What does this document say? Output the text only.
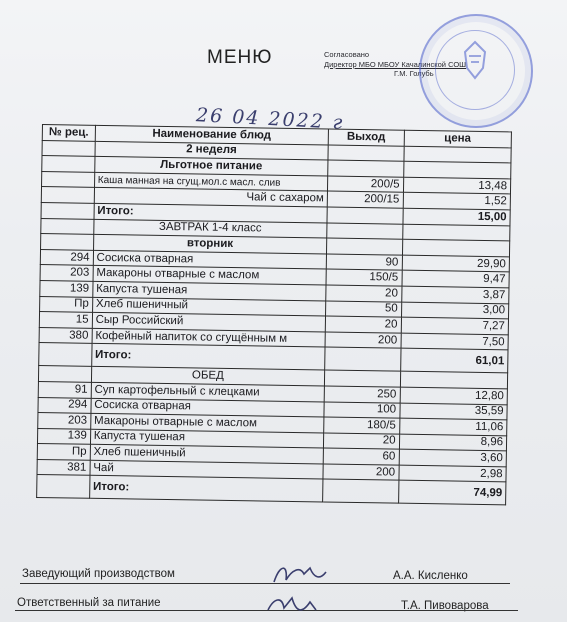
МЕНЮ	Согласовано
Директор МБО МБОУ Качалинской СОШ
Г.М. Голубь
26 04 2022 г
№ рец.	Наименование блюд	Выход	цена
	2 неделя		
	Льготное питание		
	Каша манная на сгущ.мол.с масл. слив	200/5	13,48
	Чай с сахаром	200/15	1,52
	Итого:		15,00
	ЗАВТРАК 1-4 класс		
	вторник		
294	Сосиска отварная	90	29,90
203	Макароны отварные с маслом	150/5	9,47
139	Капуста тушеная	20	3,87
Пр	Хлеб пшеничный	50	3,00
15	Сыр Российский	20	7,27
380	Кофейный напиток со сгущённым м	200	7,50
	Итого:		61,01
	ОБЕД		
91	Суп картофельный с клецками	250	12,80
294	Сосиска отварная	100	35,59
203	Макароны отварные с маслом	180/5	11,06
139	Капуста тушеная	20	8,96
Пр	Хлеб пшеничный	60	3,60
381	Чай	200	2,98
	Итого:		74,99
Заведующий производством	А.А. Кисленко
Ответственный за питание	Т.А. Пивоварова
